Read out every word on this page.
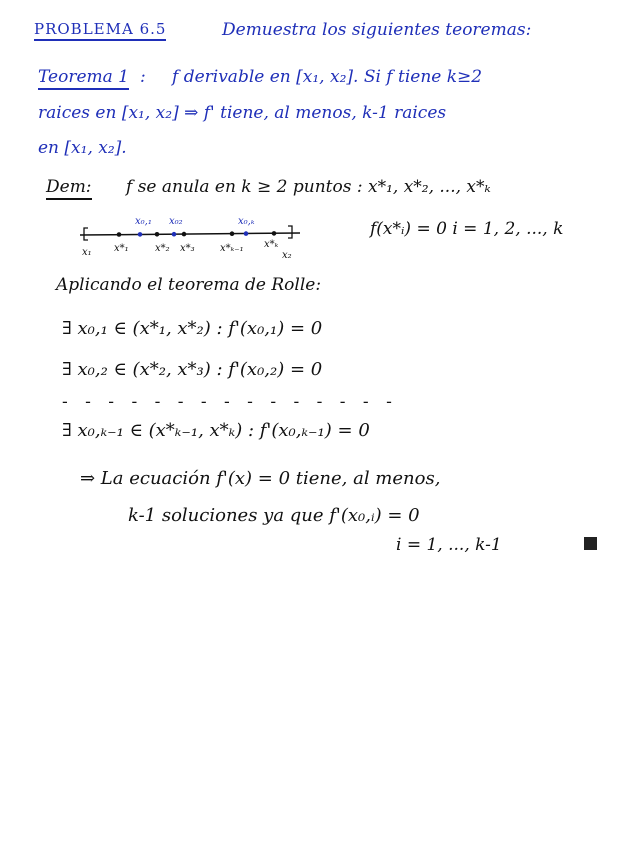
PROBLEMA 6.5	Demuestra los siguientes teoremas:
Teorema 1 : f derivable en [x₁, x₂]. Si f tiene k≥2
raices en [x₁, x₂] ⇒ f' tiene, al menos, k-1 raices
en [x₁, x₂].
Dem: f se anula en k ≥ 2 puntos : x*₁, x*₂, ..., x*ₖ
x₀,₁ x₀₂	x₀,ₖ
x₁ x*₁	x*₂ x*₃	x*ₖ₋₁ x*ₖ
x₂
f(x*ᵢ) = 0 i = 1, 2, ..., k
Aplicando el teorema de Rolle:
∃ x₀,₁ ∈ (x*₁, x*₂) : f'(x₀,₁) = 0
∃ x₀,₂ ∈ (x*₂, x*₃) : f'(x₀,₂) = 0
- - - - - - - - - - - - - - -
∃ x₀,ₖ₋₁ ∈ (x*ₖ₋₁, x*ₖ) : f'(x₀,ₖ₋₁) = 0
⇒ La ecuación f'(x) = 0 tiene, al menos,
k-1 soluciones ya que f'(x₀,ᵢ) = 0
i = 1, ..., k-1
